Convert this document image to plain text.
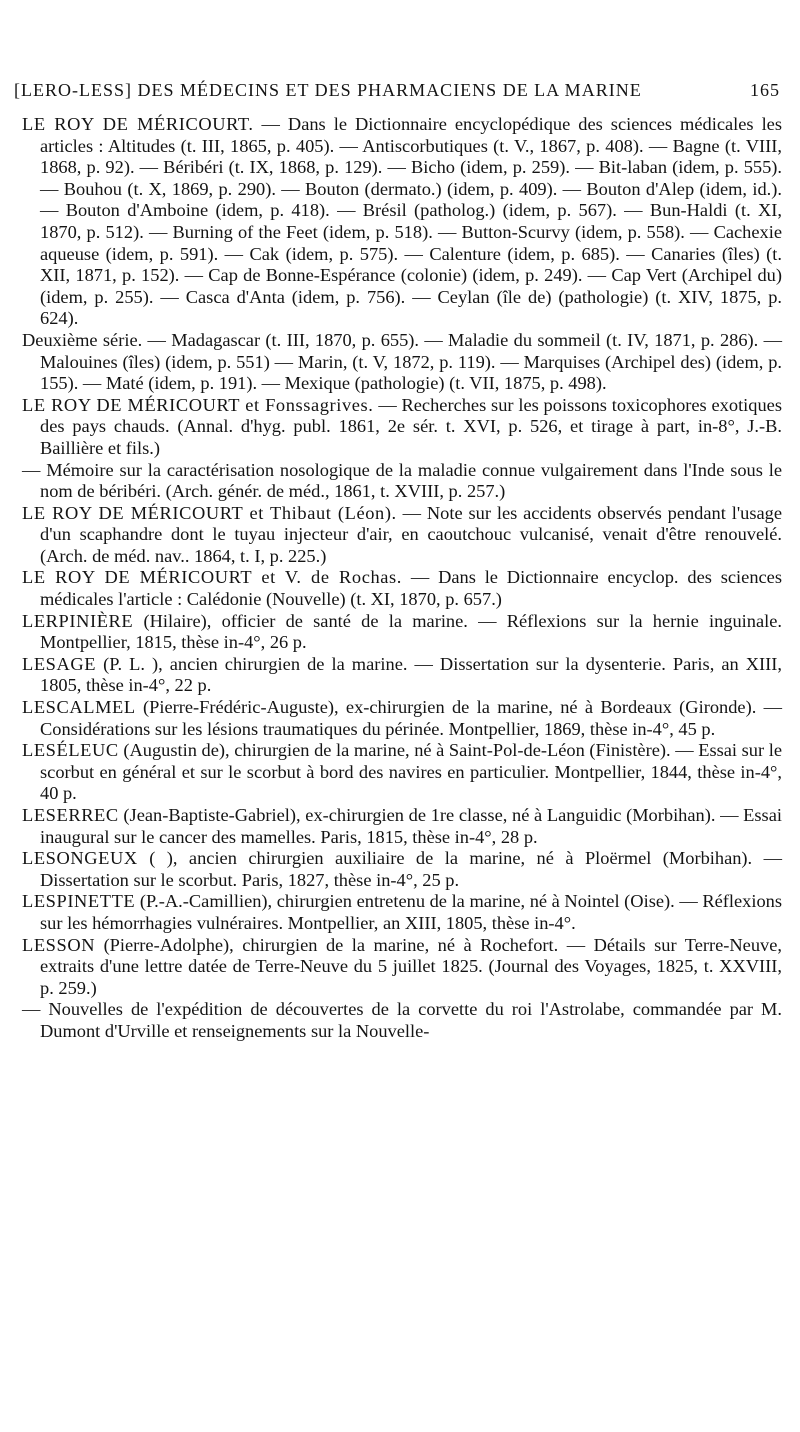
[LERO-LESS] DES MÉDECINS ET DES PHARMACIENS DE LA MARINE	165

LE ROY DE MÉRICOURT. — Dans le Dictionnaire encyclopédique des sciences médicales les articles : Altitudes (t. III, 1865, p. 405). — Antiscorbutiques (t. V., 1867, p. 408). — Bagne (t. VIII, 1868, p. 92). — Béribéri (t. IX, 1868, p. 129). — Bicho (idem, p. 259). — Bit-laban (idem, p. 555). — Bouhou (t. X, 1869, p. 290). — Bouton (dermato.) (idem, p. 409). — Bouton d'Alep (idem, id.). — Bouton d'Amboine (idem, p. 418). — Brésil (patholog.) (idem, p. 567). — Bun-Haldi (t. XI, 1870, p. 512). — Burning of the Feet (idem, p. 518). — Button-Scurvy (idem, p. 558). — Cachexie aqueuse (idem, p. 591). — Cak (idem, p. 575). — Calenture (idem, p. 685). — Canaries (îles) (t. XII, 1871, p. 152). — Cap de Bonne-Espérance (colonie) (idem, p. 249). — Cap Vert (Archipel du) (idem, p. 255). — Casca d'Anta (idem, p. 756). — Ceylan (île de) (pathologie) (t. XIV, 1875, p. 624).

Deuxième série. — Madagascar (t. III, 1870, p. 655). — Maladie du sommeil (t. IV, 1871, p. 286). — Malouines (îles) (idem, p. 551) — Marin, (t. V, 1872, p. 119). — Marquises (Archipel des) (idem, p. 155). — Maté (idem, p. 191). — Mexique (pathologie) (t. VII, 1875, p. 498).

LE ROY DE MÉRICOURT et Fonssagrives. — Recherches sur les poissons toxicophores exotiques des pays chauds. (Annal. d'hyg. publ. 1861, 2e sér. t. XVI, p. 526, et tirage à part, in-8°, J.-B. Baillière et fils.)

— Mémoire sur la caractérisation nosologique de la maladie connue vulgairement dans l'Inde sous le nom de béribéri. (Arch. génér. de méd., 1861, t. XVIII, p. 257.)

LE ROY DE MÉRICOURT et Thibaut (Léon). — Note sur les accidents observés pendant l'usage d'un scaphandre dont le tuyau injecteur d'air, en caoutchouc vulcanisé, venait d'être renouvelé. (Arch. de méd. nav.. 1864, t. I, p. 225.)

LE ROY DE MÉRICOURT et V. de Rochas. — Dans le Dictionnaire encyclop. des sciences médicales l'article : Calédonie (Nouvelle) (t. XI, 1870, p. 657.)

LERPINIÈRE (Hilaire), officier de santé de la marine. — Réflexions sur la hernie inguinale. Montpellier, 1815, thèse in-4°, 26 p.

LESAGE (P. L. ), ancien chirurgien de la marine. — Dissertation sur la dysenterie. Paris, an XIII, 1805, thèse in-4°, 22 p.

LESCALMEL (Pierre-Frédéric-Auguste), ex-chirurgien de la marine, né à Bordeaux (Gironde). — Considérations sur les lésions traumatiques du périnée. Montpellier, 1869, thèse in-4°, 45 p.

LESÉLEUC (Augustin de), chirurgien de la marine, né à Saint-Pol-de-Léon (Finistère). — Essai sur le scorbut en général et sur le scorbut à bord des navires en particulier. Montpellier, 1844, thèse in-4°, 40 p.

LESERREC (Jean-Baptiste-Gabriel), ex-chirurgien de 1re classe, né à Languidic (Morbihan). — Essai inaugural sur le cancer des mamelles. Paris, 1815, thèse in-4°, 28 p.

LESONGEUX ( ), ancien chirurgien auxiliaire de la marine, né à Ploërmel (Morbihan). — Dissertation sur le scorbut. Paris, 1827, thèse in-4°, 25 p.

LESPINETTE (P.-A.-Camillien), chirurgien entretenu de la marine, né à Nointel (Oise). — Réflexions sur les hémorrhagies vulnéraires. Montpellier, an XIII, 1805, thèse in-4°.

LESSON (Pierre-Adolphe), chirurgien de la marine, né à Rochefort. — Détails sur Terre-Neuve, extraits d'une lettre datée de Terre-Neuve du 5 juillet 1825. (Journal des Voyages, 1825, t. XXVIII, p. 259.)

— Nouvelles de l'expédition de découvertes de la corvette du roi l'Astrolabe, commandée par M. Dumont d'Urville et renseignements sur la Nouvelle-
